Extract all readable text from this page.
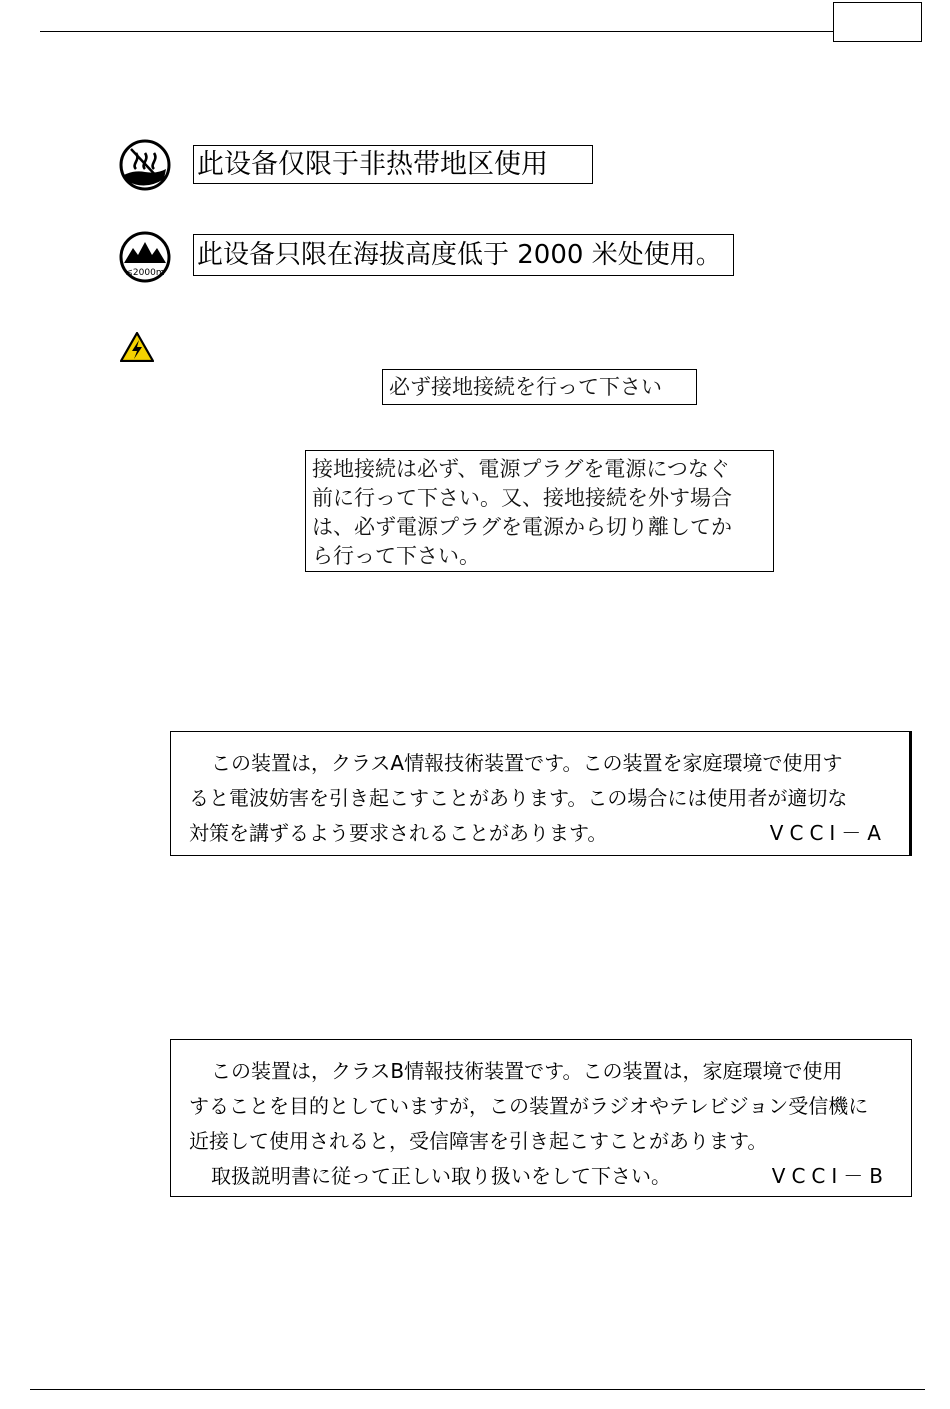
此设备仅限于非热带地区使用
≤2000m
此设备只限在海拔高度低于 2000 米处使用。
必ず接地接続を行って下さい
接地接続は必ず、電源プラグを電源につなぐ
前に行って下さい。又、接地接続を外す場合
は、必ず電源プラグを電源から切り離してか
ら行って下さい。
この装置は，クラスA情報技術装置です。この装置を家庭環境で使用す
ると電波妨害を引き起こすことがあります。この場合には使用者が適切な
対策を講ずるよう要求されることがあります。	VCCI－A
この装置は，クラスB情報技術装置です。この装置は，家庭環境で使用
することを目的としていますが，この装置がラジオやテレビジョン受信機に
近接して使用されると，受信障害を引き起こすことがあります。
取扱説明書に従って正しい取り扱いをして下さい。	VCCI－B
